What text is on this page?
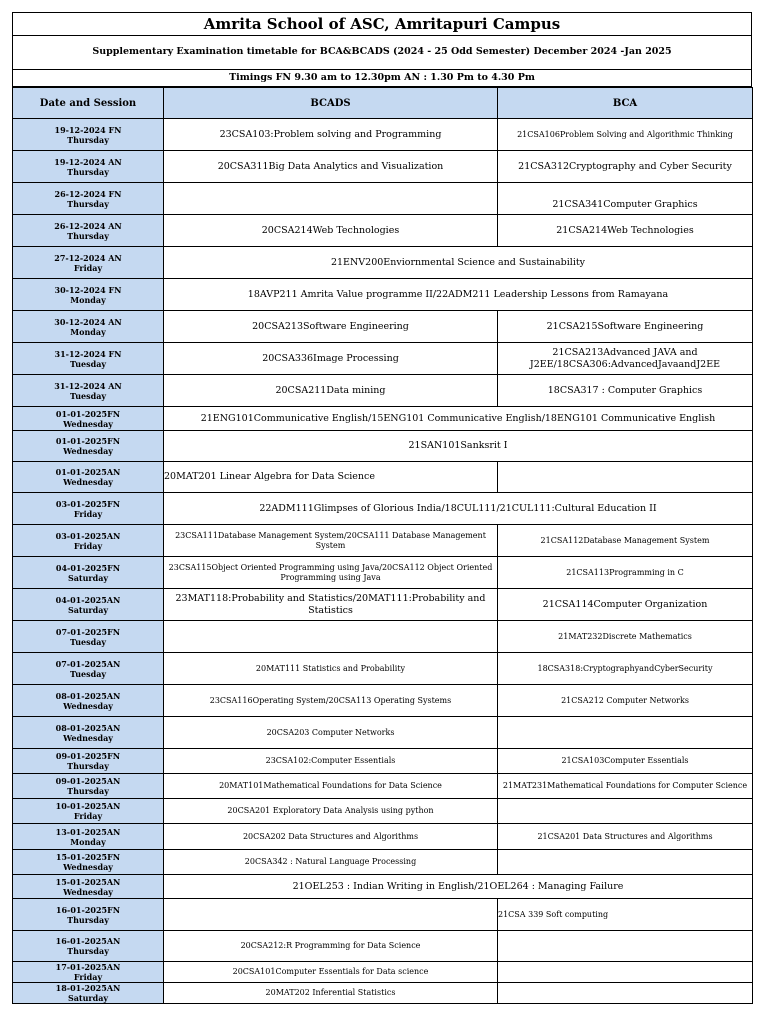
Amrita School of ASC, Amritapuri Campus
Supplementary Examination timetable for BCA&BCADS (2024 - 25 Odd Semester) December 2024 -Jan 2025
Timings FN 9.30 am to 12.30pm AN : 1.30 Pm to 4.30 Pm
Date and Session	BCADS	BCA
19-12-2024 FN
Thursday	23CSA103:Problem solving and Programming	21CSA106Problem Solving and Algorithmic Thinking
19-12-2024 AN
Thursday	20CSA311Big Data Analytics and Visualization	21CSA312Cryptography and Cyber Security
26-12-2024 FN
Thursday		21CSA341Computer Graphics
26-12-2024 AN
Thursday	20CSA214Web Technologies	21CSA214Web Technologies
27-12-2024 AN
Friday	21ENV200Enviornmental Science and Sustainability	
30-12-2024 FN
Monday	18AVP211 Amrita Value programme II/22ADM211 Leadership Lessons from Ramayana	
30-12-2024 AN
Monday	20CSA213Software Engineering	21CSA215Software Engineering
31-12-2024 FN
Tuesday	20CSA336Image Processing	21CSA213Advanced JAVA and J2EE/18CSA306:AdvancedJavaandJ2EE
31-12-2024 AN
Tuesday	20CSA211Data mining	18CSA317 : Computer Graphics
01-01-2025FN
Wednesday	21ENG101Communicative English/15ENG101 Communicative English/18ENG101 Communicative English	
01-01-2025FN
Wednesday	21SAN101Sanksrit I	
01-01-2025AN
Wednesday	20MAT201 Linear Algebra for Data Science	
03-01-2025FN
Friday	22ADM111Glimpses of Glorious India/18CUL111/21CUL111:Cultural Education II	
03-01-2025AN
Friday	23CSA111Database Management System/20CSA111 Database Management System	21CSA112Database Management System
04-01-2025FN
Saturday	23CSA115Object Oriented Programming using Java/20CSA112 Object Oriented Programming using Java	21CSA113Programming in C
04-01-2025AN
Saturday	23MAT118:Probability and Statistics/20MAT111:Probability and Statistics	21CSA114Computer Organization
07-01-2025FN
Tuesday		21MAT232Discrete Mathematics
07-01-2025AN
Tuesday	20MAT111 Statistics and Probability	18CSA318:CryptographyandCyberSecurity
08-01-2025AN
Wednesday	23CSA116Operating System/20CSA113 Operating Systems	21CSA212 Computer Networks
08-01-2025AN
Wednesday	20CSA203 Computer Networks	
09-01-2025FN
Thursday	23CSA102:Computer Essentials	21CSA103Computer Essentials
09-01-2025AN
Thursday	20MAT101Mathematical Foundations for Data Science	21MAT231Mathematical Foundations for Computer Science
10-01-2025AN
Friday	20CSA201 Exploratory Data Analysis using python	
13-01-2025AN
Monday	20CSA202 Data Structures and Algorithms	21CSA201 Data Structures and Algorithms
15-01-2025FN
Wednesday	20CSA342 : Natural Language Processing	
15-01-2025AN
Wednesday	21OEL253 : Indian Writing in English/21OEL264 : Managing Failure	
16-01-2025FN
Thursday		21CSA 339 Soft computing
16-01-2025AN
Thursday	20CSA212:R Programming for Data Science	
17-01-2025AN
Friday	20CSA101Computer Essentials for Data science	
18-01-2025AN
Saturday	20MAT202 Inferential Statistics	
